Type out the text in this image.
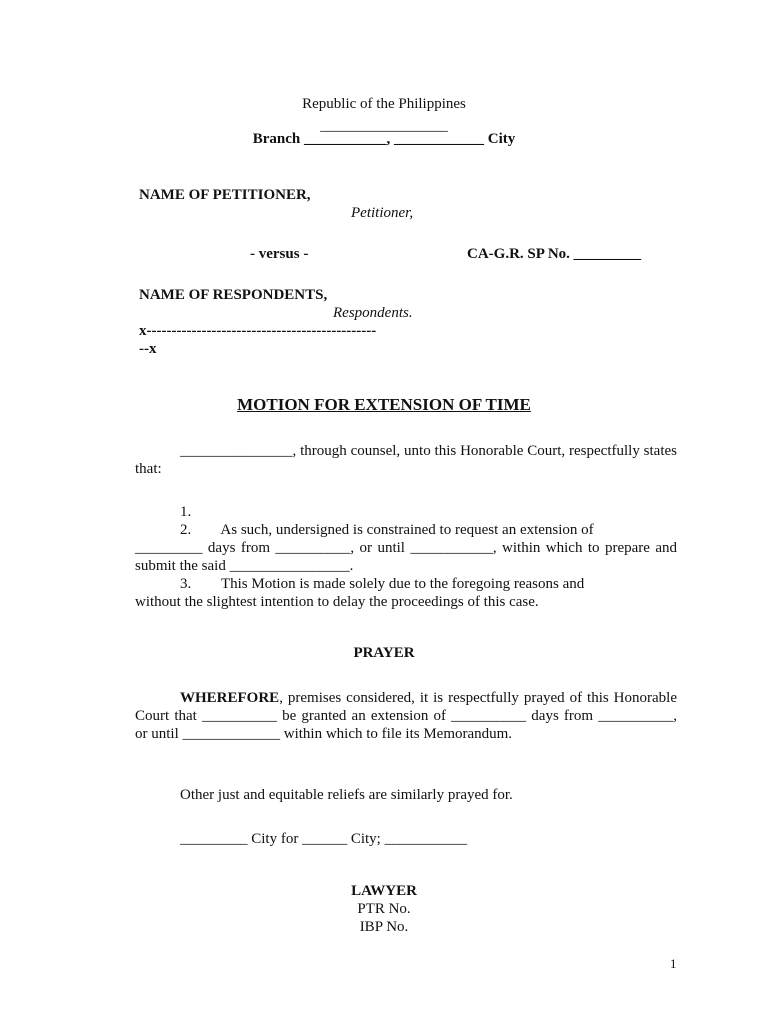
Republic of the Philippines

_________________

Branch ___________, ____________ City

NAME OF PETITIONER,

Petitioner,

- versus -	CA-G.R. SP No. _________

NAME OF RESPONDENTS,

Respondents.

x----------------------------------------------

--x

MOTION FOR EXTENSION OF TIME

_______________, through counsel, unto this Honorable Court, respectfully states that:

1.

2.        As such, undersigned is constrained to request an extension of

_________ days from __________, or until ___________, within which to prepare and submit the said ________________.

3.        This Motion is made solely due to the foregoing reasons and

without the slightest intention to delay the proceedings of this case.

PRAYER

WHEREFORE, premises considered, it is respectfully prayed of this Honorable Court that __________ be granted an extension of __________ days from __________, or until _____________ within which to file its Memorandum.

Other just and equitable reliefs are similarly prayed for.

_________ City for ______ City; ___________

LAWYER

PTR No.

IBP No.

1
